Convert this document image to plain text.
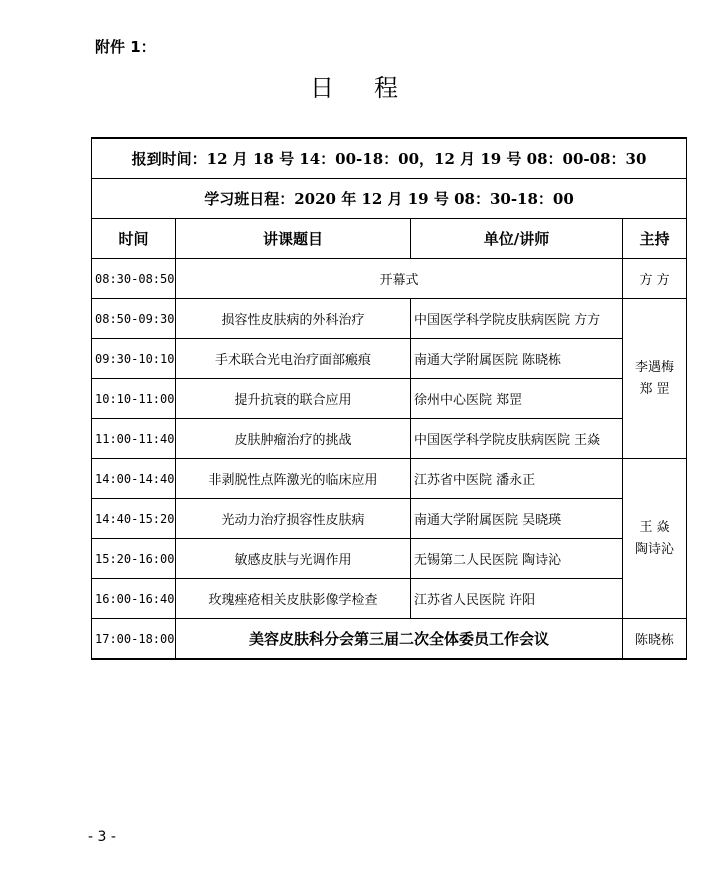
附件 1：
日 程
报到时间：12 月 18 号 14：00-18：00，12 月 19 号 08：00-08：30			
学习班日程：2020 年 12 月 19 号 08：30-18：00			
时间	讲课题目	单位/讲师	主持
08:30-08:50	开幕式		方 方
08:50-09:30	损容性皮肤病的外科治疗	中国医学科学院皮肤病医院 方方	李遇梅
郑 罡

09:30-10:10	手术联合光电治疗面部瘢痕	南通大学附属医院 陈晓栋	
10:10-11:00	提升抗衰的联合应用	徐州中心医院 郑罡	
11:00-11:40	皮肤肿瘤治疗的挑战	中国医学科学院皮肤病医院 王焱	
14:00-14:40	非剥脱性点阵激光的临床应用	江苏省中医院 潘永正	王 焱
陶诗沁

14:40-15:20	光动力治疗损容性皮肤病	南通大学附属医院 吴晓瑛	
15:20-16:00	敏感皮肤与光调作用	无锡第二人民医院 陶诗沁	
16:00-16:40	玫瑰痤疮相关皮肤影像学检查	江苏省人民医院 许阳	
17:00-18:00	美容皮肤科分会第三届二次全体委员工作会议		陈晓栋
- 3 -
